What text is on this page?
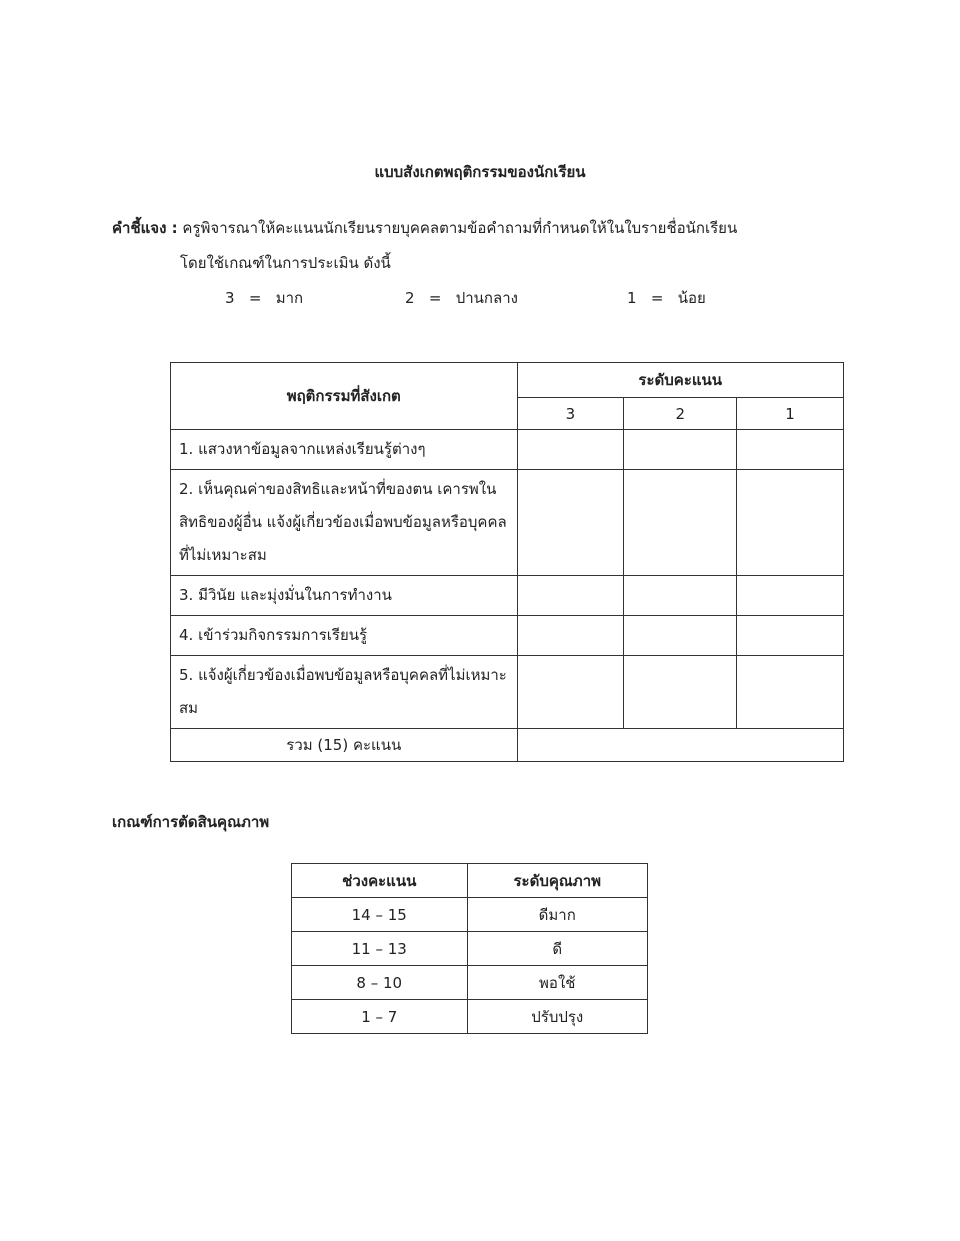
แบบสังเกตพฤติกรรมของนักเรียน
คำชี้แจง : ครูพิจารณาให้คะแนนนักเรียนรายบุคคลตามข้อคำถามที่กำหนดให้ในใบรายชื่อนักเรียน
โดยใช้เกณฑ์ในการประเมิน ดังนี้
3   =   มาก	2   =   ปานกลาง	1   =   น้อย
พฤติกรรมที่สังเกต	ระดับคะแนน		
	3	2	1
1. แสวงหาข้อมูลจากแหล่งเรียนรู้ต่างๆ			
2. เห็นคุณค่าของสิทธิและหน้าที่ของตน เคารพในสิทธิของผู้อื่น แจ้งผู้เกี่ยวข้องเมื่อพบข้อมูลหรือบุคคลที่ไม่เหมาะสม			
3. มีวินัย และมุ่งมั่นในการทำงาน			
4. เข้าร่วมกิจกรรมการเรียนรู้			
5. แจ้งผู้เกี่ยวข้องเมื่อพบข้อมูลหรือบุคคลที่ไม่เหมาะสม			
รวม (15) คะแนน			
เกณฑ์การตัดสินคุณภาพ
ช่วงคะแนน	ระดับคุณภาพ
14 – 15	ดีมาก
11 – 13	ดี
8 – 10	พอใช้
1 – 7	ปรับปรุง
